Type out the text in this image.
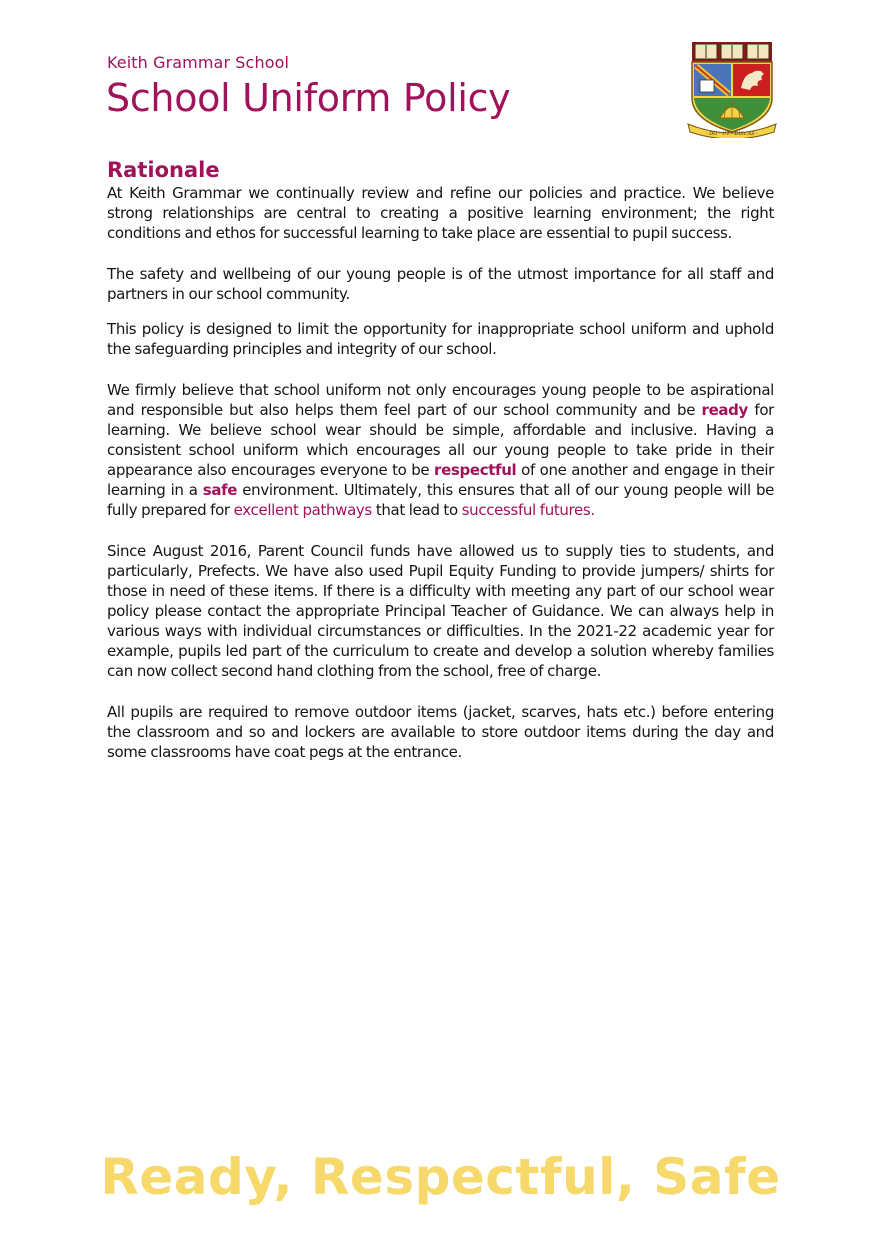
Keith Grammar School
School Uniform Policy
· DO · UT · DISCAS ·
Rationale

At Keith Grammar we continually review and refine our policies and practice. We believe strong relationships are central to creating a positive learning environment; the right conditions and ethos for successful learning to take place are essential to pupil success.

The safety and wellbeing of our young people is of the utmost importance for all staff and partners in our school community.

This policy is designed to limit the opportunity for inappropriate school uniform and uphold the safeguarding principles and integrity of our school.

We firmly believe that school uniform not only encourages young people to be aspirational and responsible but also helps them feel part of our school community and be ready for learning. We believe school wear should be simple, affordable and inclusive. Having a consistent school uniform which encourages all our young people to take pride in their appearance also encourages everyone to be respectful of one another and engage in their learning in a safe environment. Ultimately, this ensures that all of our young people will be fully prepared for excellent pathways that lead to successful futures.

Since August 2016, Parent Council funds have allowed us to supply ties to students, and particularly, Prefects. We have also used Pupil Equity Funding to provide jumpers/ shirts for those in need of these items. If there is a difficulty with meeting any part of our school wear policy please contact the appropriate Principal Teacher of Guidance. We can always help in various ways with individual circumstances or difficulties. In the 2021-22 academic year for example, pupils led part of the curriculum to create and develop a solution whereby families can now collect second hand clothing from the school, free of charge.

All pupils are required to remove outdoor items (jacket, scarves, hats etc.) before entering the classroom and so and lockers are available to store outdoor items during the day and some classrooms have coat pegs at the entrance.

Ready, Respectful, Safe
